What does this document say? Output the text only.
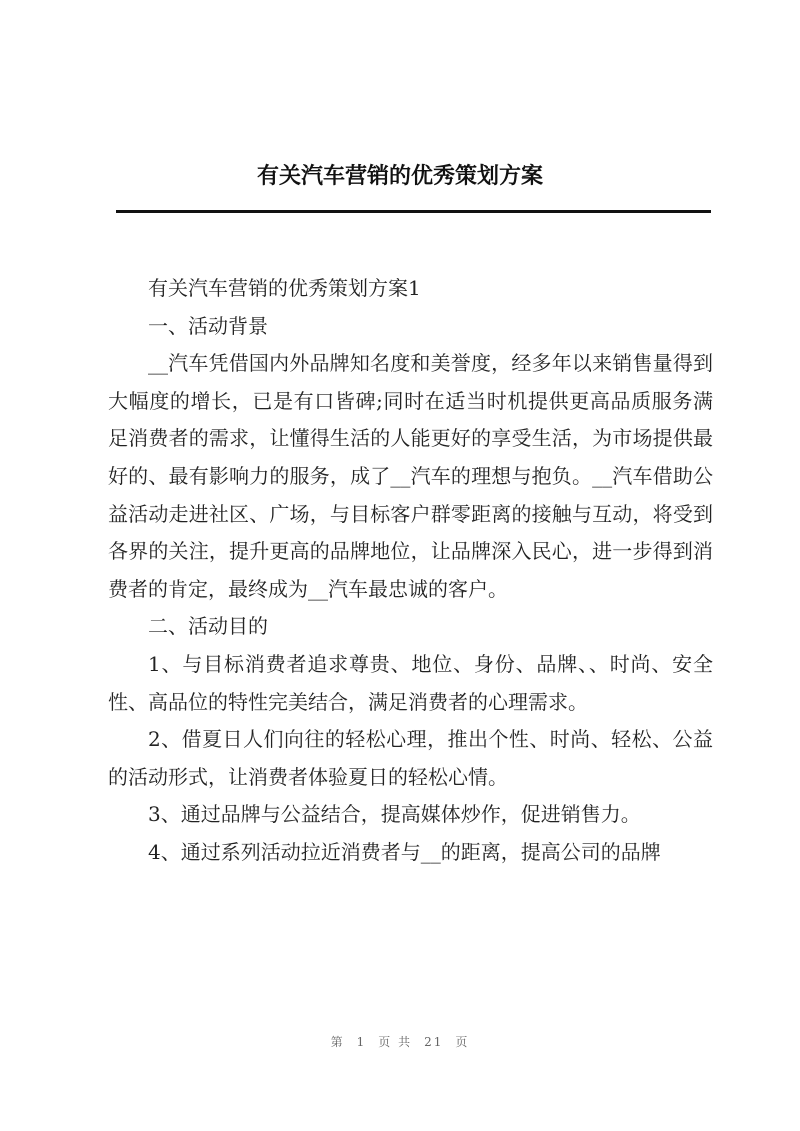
有关汽车营销的优秀策划方案

有关汽车营销的优秀策划方案1

一、活动背景

__汽车凭借国内外品牌知名度和美誉度，经多年以来销售量得到大幅度的增长，已是有口皆碑;同时在适当时机提供更高品质服务满足消费者的需求，让懂得生活的人能更好的享受生活，为市场提供最好的、最有影响力的服务，成了__汽车的理想与抱负。__汽车借助公益活动走进社区、广场，与目标客户群零距离的接触与互动，将受到各界的关注，提升更高的品牌地位，让品牌深入民心，进一步得到消费者的肯定，最终成为__汽车最忠诚的客户。

二、活动目的

1、与目标消费者追求尊贵、地位、身份、品牌、、时尚、安全性、高品位的特性完美结合，满足消费者的心理需求。

2、借夏日人们向往的轻松心理，推出个性、时尚、轻松、公益的活动形式，让消费者体验夏日的轻松心情。

3、通过品牌与公益结合，提高媒体炒作，促进销售力。

4、通过系列活动拉近消费者与__的距离，提高公司的品牌

第 1 页 共 21 页
